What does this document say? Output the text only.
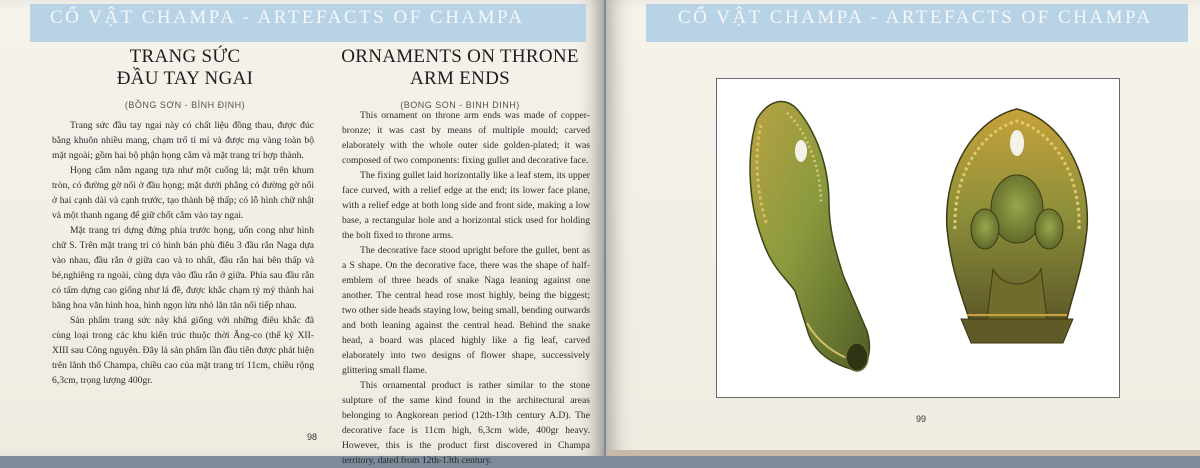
CỔ VẬT CHAMPA - ARTEFACTS OF CHAMPA
TRANG SỨC
ĐẦU TAY NGAI
(BỒNG SƠN - BÌNH ĐỊNH)
ORNAMENTS ON THRONE
ARM ENDS
(BONG SON - BINH DINH)

Trang sức đầu tay ngai này có chất liệu đồng thau, được đúc bằng khuôn nhiều mang, chạm trổ tỉ mỉ và được mạ vàng toàn bộ mặt ngoài; gồm hai bộ phận họng cắm và mặt trang trí hợp thành.

Họng cắm nằm ngang tựa như một cuống lá; mặt trên khum tròn, có đường gờ nổi ở đầu họng; mặt dưới phẳng có đường gờ nổi ở hai cạnh dài và cạnh trước, tạo thành bệ thấp; có lỗ hình chữ nhật và một thanh ngang để giữ chốt cắm vào tay ngai.

Mặt trang trí dựng đứng phía trước họng, uốn cong như hình chữ S. Trên mặt trang trí có hình bán phù điêu 3 đầu rắn Naga dựa vào nhau, đầu rắn ở giữa cao và to nhất, đầu rắn hai bên thấp và bé,nghiêng ra ngoài, cùng dựa vào đầu rắn ở giữa. Phía sau đầu rắn có tấm dựng cao giống như lá đề, được khắc chạm tỷ mỷ thành hai băng hoa văn hình hoa, hình ngọn lửa nhỏ lăn tăn nối tiếp nhau.

Sản phẩm trang sức này khá giống với những điêu khắc đã cùng loại trong các khu kiến trúc thuộc thời Ăng-co (thế kỷ XII-XIII sau Công nguyên. Đây là sản phẩm lần đầu tiên được phát hiện trên lãnh thổ Champa, chiều cao của mặt trang trí 11cm, chiều rộng 6,3cm, trọng lượng 400gr.

This ornament on throne arm ends was made of copper-bronze; it was cast by means of multiple mould; carved elaborately with the whole outer side golden-plated; it was composed of two components: fixing gullet and decorative face.

The fixing gullet laid horizontally like a leaf stem, its upper face curved, with a relief edge at the end; its lower face plane, with a relief edge at both long side and front side, making a low base, a rectangular hole and a horizontal stick used for holding the bolt fixed to throne arms.

The decorative face stood upright before the gullet, bent as a S shape. On the decorative face, there was the shape of half-emblem of three heads of snake Naga leaning against one another. The central head rose most highly, being the biggest; two other side heads staying low, being small, bending outwards and both leaning against the central head. Behind the snake head, a board was placed highly like a fig leaf, carved elaborately into two designs of flower shape, successively glittering small flame.

This ornamental product is rather similar to the stone sulpture of the same kind found in the architectural areas belonging to Angkorean period (12th-13th century A.D). The decorative face is 11cm high, 6,3cm wide, 400gr heavy. However, this is the product first discovered in Champa territory, dated from 12th-13th century.

98
CỔ VẬT CHAMPA - ARTEFACTS OF CHAMPA
99
